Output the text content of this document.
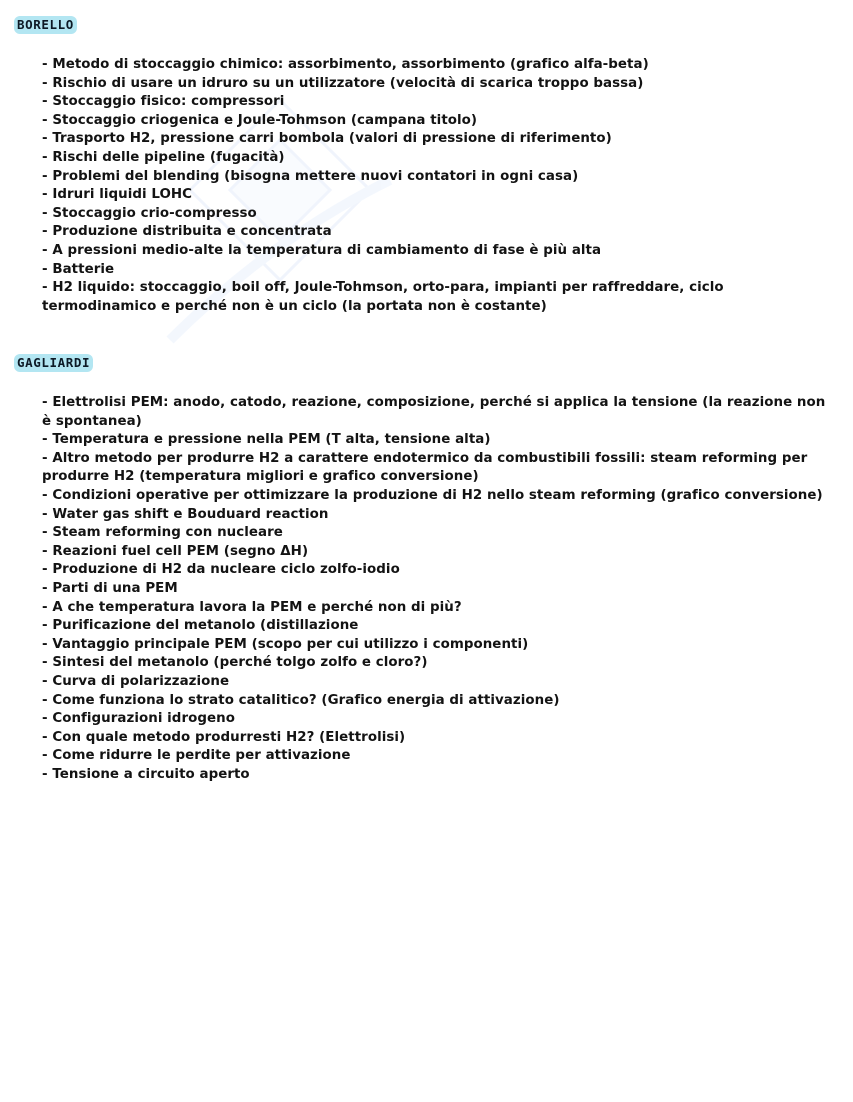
BORELLO
- Metodo di stoccaggio chimico: assorbimento, assorbimento (grafico alfa-beta)
- Rischio di usare un idruro su un utilizzatore (velocità di scarica troppo bassa)
- Stoccaggio fisico: compressori
- Stoccaggio criogenica e Joule-Tohmson (campana titolo)
- Trasporto H2, pressione carri bombola (valori di pressione di riferimento)
- Rischi delle pipeline (fugacità)
- Problemi del blending (bisogna mettere nuovi contatori in ogni casa)
- Idruri liquidi LOHC
- Stoccaggio crio-compresso
- Produzione distribuita e concentrata
- A pressioni medio-alte la temperatura di cambiamento di fase è più alta
- Batterie
- H2 liquido: stoccaggio, boil off, Joule-Tohmson, orto-para, impianti per raffreddare, ciclo termodinamico e perché non è un ciclo (la portata non è costante)
GAGLIARDI
- Elettrolisi PEM: anodo, catodo, reazione, composizione, perché si applica la tensione (la reazione non è spontanea)
- Temperatura e pressione nella PEM (T alta, tensione alta)
- Altro metodo per produrre H2 a carattere endotermico da combustibili fossili: steam reforming per produrre H2 (temperatura migliori e grafico conversione)
- Condizioni operative per ottimizzare la produzione di H2 nello steam reforming (grafico conversione)
- Water gas shift e Bouduard reaction
- Steam reforming con nucleare
- Reazioni fuel cell PEM (segno ΔH)
- Produzione di H2 da nucleare ciclo zolfo-iodio
- Parti di una PEM
- A che temperatura lavora la PEM e perché non di più?
- Purificazione del metanolo (distillazione
- Vantaggio principale PEM (scopo per cui utilizzo i componenti)
- Sintesi del metanolo (perché tolgo zolfo e cloro?)
- Curva di polarizzazione
- Come funziona lo strato catalitico? (Grafico energia di attivazione)
- Configurazioni idrogeno
- Con quale metodo produrresti H2? (Elettrolisi)
- Come ridurre le perdite per attivazione
- Tensione a circuito aperto
